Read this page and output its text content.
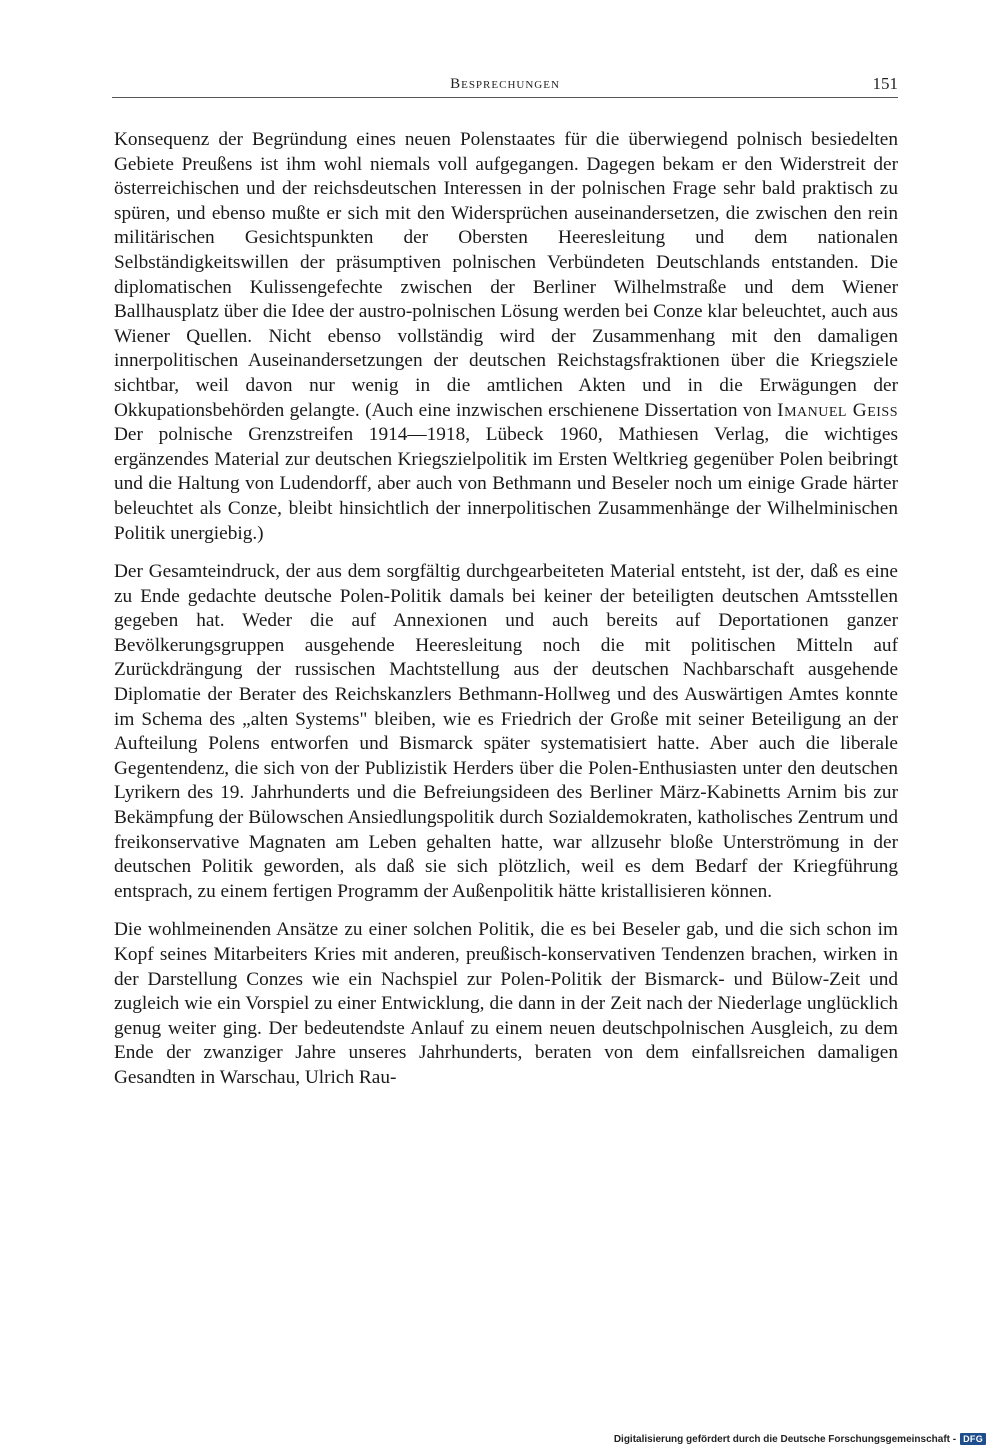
Besprechungen	151

Konsequenz der Begründung eines neuen Polenstaates für die überwiegend polnisch besiedelten Gebiete Preußens ist ihm wohl niemals voll aufgegangen. Dagegen bekam er den Widerstreit der österreichischen und der reichsdeutschen Interessen in der polnischen Frage sehr bald praktisch zu spüren, und ebenso mußte er sich mit den Widersprüchen auseinandersetzen, die zwischen den rein militärischen Gesichtspunkten der Obersten Heeresleitung und dem nationalen Selbständigkeitswillen der präsumptiven polnischen Verbündeten Deutschlands entstanden. Die diplomatischen Kulissengefechte zwischen der Berliner Wilhelmstraße und dem Wiener Ballhausplatz über die Idee der austro-polnischen Lösung werden bei Conze klar beleuchtet, auch aus Wiener Quellen. Nicht ebenso vollständig wird der Zusammenhang mit den damaligen innerpolitischen Auseinandersetzungen der deutschen Reichstagsfraktionen über die Kriegsziele sichtbar, weil davon nur wenig in die amtlichen Akten und in die Erwägungen der Okkupationsbehörden gelangte. (Auch eine inzwischen erschienene Dissertation von Imanuel Geiss Der polnische Grenzstreifen 1914—1918, Lübeck 1960, Mathiesen Verlag, die wichtiges ergänzendes Material zur deutschen Kriegszielpolitik im Ersten Weltkrieg gegenüber Polen beibringt und die Haltung von Ludendorff, aber auch von Bethmann und Beseler noch um einige Grade härter beleuchtet als Conze, bleibt hinsichtlich der innerpolitischen Zusammenhänge der Wilhelminischen Politik unergiebig.)

Der Gesamteindruck, der aus dem sorgfältig durchgearbeiteten Material entsteht, ist der, daß es eine zu Ende gedachte deutsche Polen-Politik damals bei keiner der beteiligten deutschen Amtsstellen gegeben hat. Weder die auf Annexionen und auch bereits auf Deportationen ganzer Bevölkerungsgruppen ausgehende Heeresleitung noch die mit politischen Mitteln auf Zurückdrängung der russischen Machtstellung aus der deutschen Nachbarschaft ausgehende Diplomatie der Berater des Reichskanzlers Bethmann-Hollweg und des Auswärtigen Amtes konnte im Schema des „alten Systems" bleiben, wie es Friedrich der Große mit seiner Beteiligung an der Aufteilung Polens entworfen und Bismarck später systematisiert hatte. Aber auch die liberale Gegentendenz, die sich von der Publizistik Herders über die Polen-Enthusiasten unter den deutschen Lyrikern des 19. Jahrhunderts und die Befreiungsideen des Berliner März-Kabinetts Arnim bis zur Bekämpfung der Bülowschen Ansiedlungspolitik durch Sozialdemokraten, katholisches Zentrum und freikonservative Magnaten am Leben gehalten hatte, war allzusehr bloße Unterströmung in der deutschen Politik geworden, als daß sie sich plötzlich, weil es dem Bedarf der Kriegführung entsprach, zu einem fertigen Programm der Außenpolitik hätte kristallisieren können.

Die wohlmeinenden Ansätze zu einer solchen Politik, die es bei Beseler gab, und die sich schon im Kopf seines Mitarbeiters Kries mit anderen, preußisch-konservativen Tendenzen brachen, wirken in der Darstellung Conzes wie ein Nachspiel zur Polen-Politik der Bismarck- und Bülow-Zeit und zugleich wie ein Vorspiel zu einer Entwicklung, die dann in der Zeit nach der Niederlage unglücklich genug weiter ging. Der bedeutendste Anlauf zu einem neuen deutschpolnischen Ausgleich, zu dem Ende der zwanziger Jahre unseres Jahrhunderts, beraten von dem einfallsreichen damaligen Gesandten in Warschau, Ulrich Rau-

Digitalisierung gefördert durch die Deutsche Forschungsgemeinschaft - DFG
